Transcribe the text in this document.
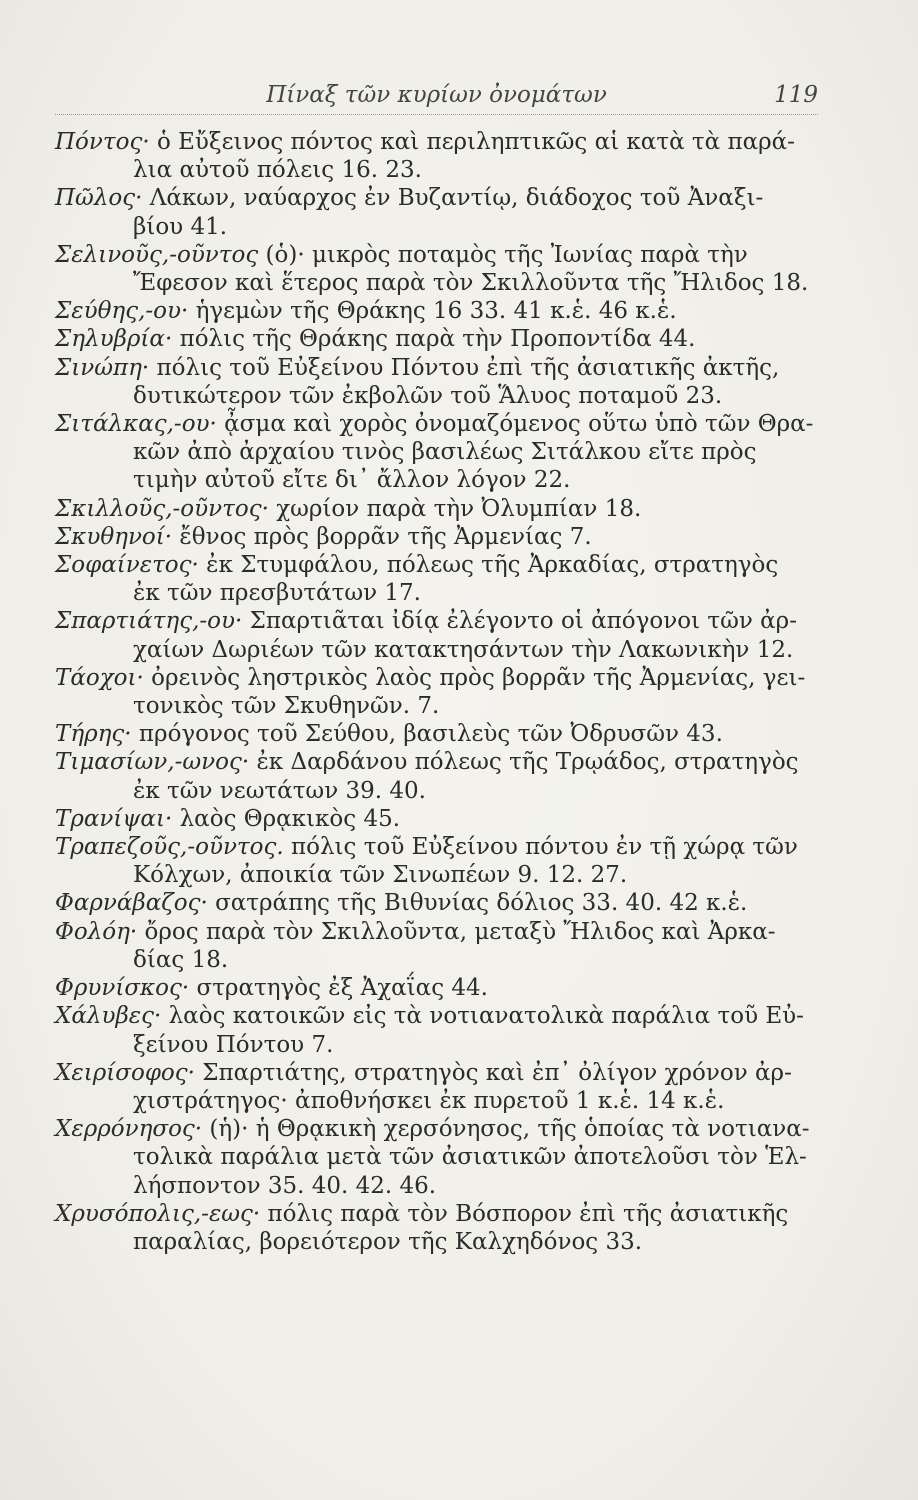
Πίναξ τῶν κυρίων ὀνομάτων	119
Πόντος· ὁ Εὔξεινος πόντος καὶ περιληπτικῶς αἱ κατὰ τὰ παρά-
λια αὐτοῦ πόλεις 16. 23.
Πῶλος· Λάκων, ναύαρχος ἐν Βυζαντίῳ, διάδοχος τοῦ Ἀναξι-
βίου 41.
Σελινοῦς,-οῦντος (ὁ)· μικρὸς ποταμὸς τῆς Ἰωνίας παρὰ τὴν
Ἔφεσον καὶ ἕτερος παρὰ τὸν Σκιλλοῦντα τῆς Ἤλιδος 18.
Σεύθης,-ου· ἡγεμὼν τῆς Θράκης 16 33. 41 κ.ἑ. 46 κ.ἑ.
Σηλυβρία· πόλις τῆς Θράκης παρὰ τὴν Προποντίδα 44.
Σινώπη· πόλις τοῦ Εὐξείνου Πόντου ἐπὶ τῆς ἀσιατικῆς ἀκτῆς,
δυτικώτερον τῶν ἐκβολῶν τοῦ Ἅλυος ποταμοῦ 23.
Σιτάλκας,-ου· ᾆσμα καὶ χορὸς ὀνομαζόμενος οὕτω ὑπὸ τῶν Θρα-
κῶν ἀπὸ ἀρχαίου τινὸς βασιλέως Σιτάλκου εἴτε πρὸς
τιμὴν αὐτοῦ εἴτε δι᾽ ἄλλον λόγον 22.
Σκιλλοῦς,-οῦντος· χωρίον παρὰ τὴν Ὀλυμπίαν 18.
Σκυθηνοί· ἔθνος πρὸς βορρᾶν τῆς Ἀρμενίας 7.
Σοφαίνετος· ἐκ Στυμφάλου, πόλεως τῆς Ἀρκαδίας, στρατηγὸς
ἐκ τῶν πρεσβυτάτων 17.
Σπαρτιάτης,-ου· Σπαρτιᾶται ἰδίᾳ ἐλέγοντο οἱ ἀπόγονοι τῶν ἀρ-
χαίων Δωριέων τῶν κατακτησάντων τὴν Λακωνικὴν 12.
Τάοχοι· ὀρεινὸς ληστρικὸς λαὸς πρὸς βορρᾶν τῆς Ἀρμενίας, γει-
τονικὸς τῶν Σκυθηνῶν. 7.
Τήρης· πρόγονος τοῦ Σεύθου, βασιλεὺς τῶν Ὀδρυσῶν 43.
Τιμασίων,-ωνος· ἐκ Δαρδάνου πόλεως τῆς Τρῳάδος, στρατηγὸς
ἐκ τῶν νεωτάτων 39. 40.
Τρανίψαι· λαὸς Θρᾳκικὸς 45.
Τραπεζοῦς,-οῦντος. πόλις τοῦ Εὐξείνου πόντου ἐν τῇ χώρᾳ τῶν
Κόλχων, ἀποικία τῶν Σινωπέων 9. 12. 27.
Φαρνάβαζος· σατράπης τῆς Βιθυνίας δόλιος 33. 40. 42 κ.ἑ.
Φολόη· ὄρος παρὰ τὸν Σκιλλοῦντα, μεταξὺ Ἤλιδος καὶ Ἀρκα-
δίας 18.
Φρυνίσκος· στρατηγὸς ἐξ Ἀχαΐας 44.
Χάλυβες· λαὸς κατοικῶν εἰς τὰ νοτιανατολικὰ παράλια τοῦ Εὐ-
ξείνου Πόντου 7.
Χειρίσοφος· Σπαρτιάτης, στρατηγὸς καὶ ἐπ᾽ ὀλίγον χρόνον ἀρ-
χιστράτηγος· ἀποθνήσκει ἐκ πυρετοῦ 1 κ.ἑ. 14 κ.ἑ.
Χερρόνησος· (ἡ)· ἡ Θρᾳκικὴ χερσόνησος, τῆς ὁποίας τὰ νοτιανα-
τολικὰ παράλια μετὰ τῶν ἀσιατικῶν ἀποτελοῦσι τὸν Ἑλ-
λήσποντον 35. 40. 42. 46.
Χρυσόπολις,-εως· πόλις παρὰ τὸν Βόσπορον ἐπὶ τῆς ἀσιατικῆς
παραλίας, βορειότερον τῆς Καλχηδόνος 33.
